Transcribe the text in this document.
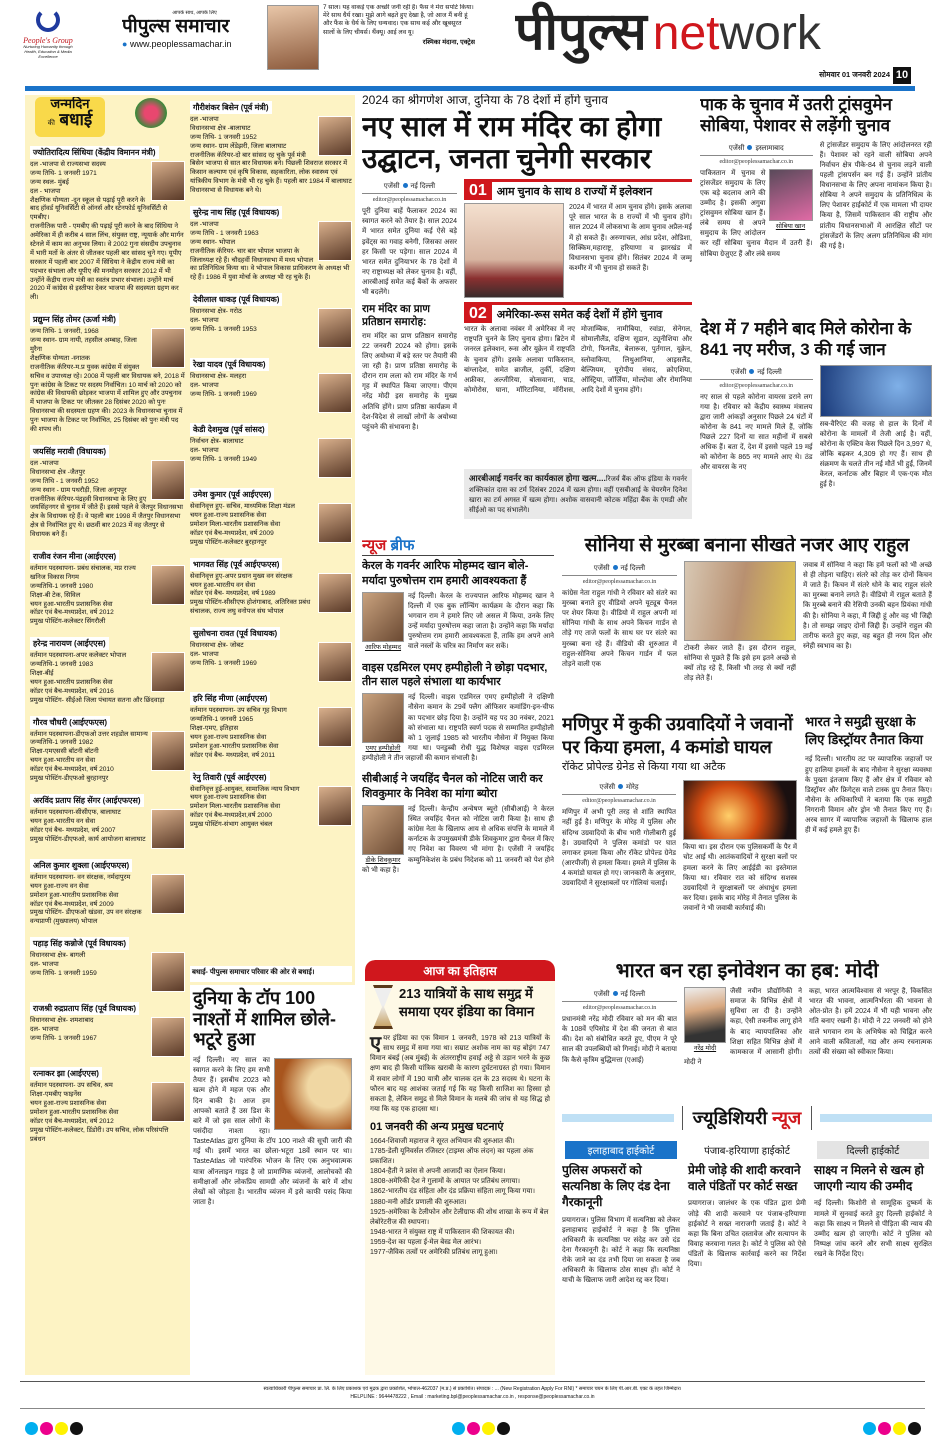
People's Group
Nurturing Humanity through Health, Education & Media Excellence
आपके साथ, आपके लिए
पीपुल्स समाचार
● www.peoplessamachar.in
7 साल। यह वाकई एक अच्छी जर्नी रही है। फैंस ने मेरा सपोर्ट किया। मेरे साथ धैर्य रखा। मुझे आगे बढ़ते हुए देखा है, जो आज मैं बनी हूं और फैंस के धैर्य के लिए धन्यवाद। एक साथ कई और खूबसूरत सालों के लिए चीयर्स। थैंक्यू। आई लव यू।
रश्मिका मंदाना, एक्ट्रेस पीपुल्स network
सोमवार 01 जनवरी 2024 10
जन्मदिन
की बधाई
ज्योतिरादित्य सिंधिया (केंद्रीय विमानन मंत्री)
दल -भाजपा से राज्यसभा सदस्य
जन्म तिथि- 1 जनवरी 1971
जन्म स्थल- मुंबई
दल - भाजपा
शैक्षणिक योग्यता -दून स्कूल से पढ़ाई पूरी करने के बाद हॉवर्ड यूनिवर्सिटी से ऑनर्स और स्टेनफोर्ड यूनिवर्सिटी से एमबीए।
राजनीतिक पारी - एमबीए की पढ़ाई पूरी करने के बाद सिंधिया ने अमेरिका में ही करीब 4 साल लिंच, संयुक्त राष्ट्र, न्यूयार्क और मार्गन स्टेनले में काम का अनुभव लिया। वे 2002 गुना संसदीय उपचुनाव में भारी मतों के अंतर से जीतकर पहली बार सांसद चुने गए। यूपीए सरकार में पहली बार 2007 में सिंधिया ने केंद्रीय राज्य मंत्री का पदभार संभाला और यूपीए की मनमोहन सरकार 2012 में भी उन्होंने केंद्रीय राज्य मंत्री का स्वतंत्र प्रभार संभाला। उन्होंने मार्च 2020 में कांग्रेस से इस्तीफा देकर भाजपा की सदस्यता ग्रहण कर ली।
प्रद्युम्न सिंह तोमर (ऊर्जा मंत्री)
जन्म तिथि- 1 जनवरी, 1968
जन्म स्थान- ग्राम नायी, तहसील अम्बाह, जिला मुरैना
शैक्षणिक योग्यता -स्नातक
राजनीतिक कॅरियर-म.प्र युवक कांग्रेस में संयुक्त सचिव व उपाध्यक्ष रहे। 2008 में पहली बार विधायक बने, 2018 में पुनः कांग्रेस के टिकट पर सदस्य निर्वाचित। 10 मार्च को 2020 को कांग्रेस की विधायकी छोड़कर भाजपा में शामिल हुए और उपचुनाव में भाजपा के टिकट पर जीतकर 28 दिसंबर 2020 को पुनः विधानसभा की सदस्यता ग्रहण की। 2023 के विधानसभा चुनाव में पुनः भाजपा के टिकट पर निर्वाचित, 25 दिसंबर को पुनः मंत्री पद की शपथ ली।
जयसिंह मरावी (विधायक)
दल -भाजपा
विधानसभा क्षेत्र -जैतपुर
जन्म तिथि - 1 जनवरी 1952
जन्म स्थान - ग्राम पथरौड़ी, जिला अनूपपुर
राजनीतिक कॅरियर-पंद्रहवी विधानसभा के लिए हुए जयसिंहनगर से चुनाव में जीते हैं। इससे पहले वे जैतपुर विधानसभा क्षेत्र के विधायक रहे हैं। वे पहली बार 1998 में जैतपुर विधानसभा क्षेत्र से निर्वाचित हुए थे। छठवीं बार 2023 में वह जैतपुर से विधायक बने हैं।
राजीव रंजन मीना (आईएएस)
वर्तमान पदस्थापना- प्रबंध संचालक, मप्र राज्य खनिज विकास निगम
जन्मतिथि-1 जनवरी 1980
शिक्षा-बी टेक, सिविल
चयन हुआ-भारतीय प्रशासनिक सेवा
कॉडर एवं बैच-मध्यप्रदेश, वर्ष 2012
प्रमुख पोस्टिंग-कलेक्टर सिंगरौली
हरेन्द्र नारायण (आईएएस)
वर्तमान पदस्थापना-अपर कलेक्टर भोपाल
जन्मतिथि-1 जनवरी 1983
शिक्षा-बीई
चयन हुआ-भारतीय प्रशासनिक सेवा
कॉडर एवं बैच-मध्यप्रदेश, वर्ष 2016
प्रमुख पोस्टिंग- सीईओ जिला पंचायत सतना और छिंदवाड़ा
गौरव चौधरी (आईएफएस)
वर्तमान पदस्थापना-डीएफओ उत्तर शहडोल सामान्य
जन्मतिथि-1 जनवरी 1982
शिक्षा-एमएससी बॉटनी बॉटनी
चयन हुआ-भारतीय वन सेवा
कॉडर एवं बैच-मध्यप्रदेश, वर्ष 2010
प्रमुख पोस्टिंग-डीएफओ बुरहानपुर
अरविंद प्रताप सिंह सेंगर (आईएफएस)
वर्तमान पदस्थापना-सीसीएफ, बालाघाट
चयन हुआ-भारतीय वन सेवा
कॉडर एवं बैच- मध्यप्रदेश, वर्ष 2007
प्रमुख पोस्टिंग-डीएफओ, कार्य आयोजना बालाघाट
अनिल कुमार शुक्ला (आईएफएस)
वर्तमान पदस्थापना- वन संरक्षक, नर्मदापुरम
चयन हुआ-राज्य वन सेवा
प्रमोशन हुआ-भारतीय प्रशासनिक सेवा
कॉडर एवं बैच-मध्यप्रदेश, वर्ष 2009
प्रमुख पोस्टिंग- डीएफओ खंडवा, उप वन संरक्षक वन्यप्राणी (मुख्यालय) भोपाल
पहाड़ सिंह कन्नोजे (पूर्व विधायक)
विधानसभा क्षेत्र- बागली
दल- भाजपा
जन्म तिथि- 1 जनवरी 1959
राजश्री रुद्रप्रताप सिंह (पूर्व विधायक)
विधानसभा क्षेत्र- शमशाबाद
दल- भाजपा
जन्म तिथि- 1 जनवरी 1967
रत्नाकर झा (आईएएस)
वर्तमान पदस्थापना- उप सचिव, श्रम
शिक्षा-एमबीए फाइनेंस
चयन हुआ-राज्य प्रशासनिक सेवा
प्रमोशन हुआ-भारतीय प्रशासनिक सेवा
कॉडर एवं बैच-मध्यप्रदेश, वर्ष 2012
प्रमुख पोस्टिंग-कलेक्टर, डिंडोरी। उप सचिव, लोक परिसंपत्ति प्रबंधन
गौरीशंकर बिसेन (पूर्व मंत्री)
दल -भाजपा
विधानसभा क्षेत्र -बालाघाट
जन्म तिथि- 1 जनवरी 1952
जन्म स्थान- ग्राम लेंडेझरी, जिला बालाघाट
राजनीतिक कॅरियर-दो बार सांसद रह चुके पूर्व मंत्री बिसेन भाजपा से सात बार विधायक बने। पिछली शिवराज सरकार में किसान कल्याण एवं कृषि विकास, सहकारिता, लोक स्वास्थ्य एवं यांत्रिकीय विभाग के मंत्री भी रह चुके हैं। पहली बार 1984 में बालाघाट विधानसभा से विधायक बने थे।
सुरेन्द्र नाथ सिंह (पूर्व विधायक)
दल -भाजपा
जन्म तिथि - 1 जनवरी 1963
जन्म स्थान- भोपाल
राजनीतिक कॅरियर- चार बार भोपाल भाजपा के जिलाध्यक्ष रहे हैं। चौदहवीं विधानसभा में मध्य भोपाल का प्रतिनिधित्व किया था। वे भोपाल विकास प्राधिकरण के अध्यक्ष भी रहे हैं। 1986 में युवा मोर्चा के अध्यक्ष भी रह चुके हैं।
देवीलाल धाकड़ (पूर्व विधायक)
विधानसभा क्षेत्र- गरोठ
दल- भाजपा
जन्म तिथि- 1 जनवरी 1953
रेखा यादव (पूर्व विधायक)
विधानसभा क्षेत्र- मलहरा
दल- भाजपा
जन्म तिथि- 1 जनवरी 1969
केडी देशमुख (पूर्व सांसद)
निर्वाचन क्षेत्र- बालाघाट
दल- भाजपा
जन्म तिथि- 1 जनवरी 1949
उमेश कुमार (पूर्व आईएएस)
सेवानिवृत्त हुए- सचिव, माध्यमिक शिक्षा मंडल
चयन हुआ-राज्य प्रशासनिक सेवा
प्रमोशन मिला-भारतीय प्रशासनिक सेवा
कॉडर एवं बैच-मध्यप्रदेश, वर्ष 2009
प्रमुख पोस्टिंग-कलेक्टर बुरहानपुर
भागवत सिंह (पूर्व आईएफएस)
सेवानिवृत्त हुए-अपर प्रधान मुख्य वन संरक्षक
चयन हुआ-भारतीय वन सेवा
कॉडर एवं बैच- मध्यप्रदेश, वर्ष 1989
प्रमुख पोस्टिंग-सीसीएफ होशंगाबाद, अतिरिक्त प्रबंध संचालक, राज्य लघु वनोपज संघ भोपाल
सुलोचना रावत (पूर्व विधायक)
विधानसभा क्षेत्र- जोबट
दल- भाजपा
जन्म तिथि- 1 जनवरी 1969
हरि सिंह मीणा (आईएएस)
वर्तमान पदस्थापना- उप सचिव गृह विभाग
जन्मतिथि-1 जनवरी 1965
शिक्षा-एमए, इतिहास
चयन हुआ-राज्य प्रशासनिक सेवा
प्रमोशन हुआ-भारतीय प्रशासनिक सेवा
कॉडर एवं बैच- मध्यप्रदेश, वर्ष 2011
रेनु तिवारी (पूर्व आईएएस)
सेवानिवृत्त हुई-आयुक्त, सामाजिक न्याय विभाग
चयन हुआ-राज्य प्रशासनिक सेवा
प्रमोशन मिला-भारतीय प्रशासनिक सेवा
कॉडर एवं बैच-मध्यप्रदेश,वर्ष 2000
प्रमुख पोस्टिंग-संभाग आयुक्त चंबल
बधाई- पीपुल्स समाचार परिवार की ओर से बधाई।
दुनिया के टॉप 100 नाश्तों में शामिल छोले-भटूरे हुआ
नई दिल्ली। नए साल का स्वागत करने के लिए हम सभी तैयार हैं। इसबीच 2023 को खत्म होने में महज एक और दिन बाकी है। आज हम आपको बताते हैं उस डिश के बारे में जो इस साल लोगों के पसंदीदा नाश्ता रहा। TasteAtlas द्वारा दुनिया के टॉप 100 नाश्ते की सूची जारी की गई थी। इसमें भारत का छोला-भटूरा 18वें स्थान पर था। TasteAtlas जो पारंपरिक भोजन के लिए एक अनुभवात्मक यात्रा ऑनलाइन गाइड है जो प्रामाणिक व्यंजनों, आलोचकों की समीक्षाओं और लोकप्रिय सामग्री और व्यंजनों के बारे में शोध लेखों को जोड़ता है। भारतीय व्यंजन में इसे काफी पसंद किया जाता है।
2024 का श्रीगणेश आज, दुनिया के 78 देशों में होंगे चुनाव
नए साल में राम मंदिर का होगा उद्घाटन, जनता चुनेगी सरकार
एजेंसी नई दिल्ली
editor@peoplessamachar.co.in
पूरी दुनिया बाहें फैलाकर 2024 का स्वागत करने को तैयार है। साल 2024 में भारत समेत दुनिया कई ऐसे बड़े इवेंट्स का गवाह बनेगी, जिसका असर हर किसी पर पड़ेगा। साल 2024 में भारत समेत दुनियाभर के 78 देशों में नए राष्ट्राध्यक्ष को लेकर चुनाव है। वहीं, आरबीआई समेत कई बैंकों के अफसर भी बदलेंगे।
राम मंदिर का प्राण प्रतिष्ठान समारोह:
राम मंदिर का प्राण प्रतिष्ठान समारोह 22 जनवरी 2024 को होगा। इसके लिए अयोध्या में बड़े स्तर पर तैयारी की जा रही है। प्राण प्रतिष्ठा समारोह के दौरान राम लला को राम मंदिर के गर्भ गृह में स्थापित किया जाएगा। पीएम नरेंद्र मोदी इस समारोह के मुख्य अतिथि होंगे। प्राण प्रतिष्ठा कार्यक्रम में देश-विदेश से लाखों लोगों के अयोध्या पहुंचने की संभावना है।
01 आम चुनाव के साथ 8 राज्यों में इलेक्शन
2024 में भारत में आम चुनाव होंगे। इसके अलावा पूरे साल भारत के 8 राज्यों में भी चुनाव होंगे। साल 2024 में लोकसभा के आम चुनाव अप्रैल-मई में हो सकते हैं। अरुणाचल, आंध्र प्रदेश, ओडिशा, सिक्किम,महाराष्ट्र, हरियाणा व झारखंड में विधानसभा चुनाव होंगे। सितंबर 2024 में जम्मू कश्मीर में भी चुनाव हो सकते हैं।
02 अमेरिका-रूस समेत कई देशों में होंगे चुनाव
भारत के अलावा नवंबर में अमेरिका में नए राष्ट्रपति चुनने के लिए चुनाव होगा। ब्रिटेन में जनरल इलेक्शन, रूस और यूक्रेन में राष्ट्रपति के चुनाव होंगे। इसके अलावा पाकिस्तान, बांग्लादेश, समेत ब्राजील, तुर्की, दक्षिण अफ्रीका, अल्जीरिया, बोत्सवाना, चाड, कोमोरोस, घाना, मॉरिटानिया, मॉरीशस, मोजाम्बिक, नामीबिया, रवांडा, सेनेगल, सोमालीलैंड, दक्षिण सूडान, ट्यूनीशिया और टोगो, फिनलैंड, बेलारूस, पुर्तगाल, यूक्रेन, स्लोवाकिया, लिथुआनिया, आइसलैंड, बेल्जियम, यूरोपीय संसद, क्रोएशिया, ऑस्ट्रिया, जॉर्जिया, मोल्दोवा और रोमानिया आदि देशों में चुनाव होंगे।
आरबीआई गवर्नर का कार्यकाल होगा खत्म....रिजर्व बैंक ऑफ इंडिया के गवर्नर शक्तिकांत दास का टर्म दिसंबर 2024 में खत्म होगा। वहीं एसबीआई के चेयरमैन दिनेश खारा का टर्म अगस्त में खत्म होगा। अशोक वासवानी कोटक महिंद्रा बैंक के एमडी और सीईओ का पद संभालेंगे।
पाक के चुनाव में उतरी ट्रांसवुमेन सोबिया, पेशावर से लड़ेंगी चुनाव
एजेंसी इस्लामाबाद
editor@peoplessamachar.co.in
सोबिया खान
पाकिस्तान में चुनाव से ट्रांसजेंडर समुदाय के लिए एक बड़े बदलाव आने की उम्मीद है। इसकी अगुवा ट्रांसवुमन सोबिया खान हैं। लंबे समय से अपने समुदाय के लिए आंदोलन कर रहीं सोबिया चुनाव मैदान में उतरी हैं। सोबिया ग्रेजुएट हैं और लंबे समय
से ट्रांसजेंडर समुदाय के लिए आंदोलनरत रही हैं। पेशावर को रहने वाली सोबिया अपने निर्वाचन क्षेत्र पीके-84 से चुनाव लड़ने वाली पहली ट्रांसपर्सन बन गई हैं। उन्होंने प्रांतीय विधानसभा के लिए अपना नामांकन किया है। सोबिया ने अपने समुदाय के प्रतिनिधित्व के लिए पेशावर हाईकोर्ट में एक मामला भी दायर किया है, जिसमें पाकिस्तान की राष्ट्रीय और प्रांतीय विधानसभाओं में आरक्षित सीटों पर ट्रांसजेंडरों के लिए अलग प्रतिनिधित्व की मांग की गई है।
देश में 7 महीने बाद मिले कोरोना के 841 नए मरीज, 3 की गई जान
एजेंसी नई दिल्ली
editor@peoplessamachar.co.in
नए साल से पहले कोरोना वायरस डराने लग गया है। रविवार को केंद्रीय स्वास्थ्य मंत्रालय द्वारा जारी आंकड़ों अनुसार पिछले 24 घंटों में कोरोना के 841 नए मामले मिले हैं, जोकि पिछले 227 दिनों या सात महीनों में सबसे अधिक हैं। बता दें, देश में इससे पहले 19 मई को कोरोना के 865 नए मामले आए थे। ठंड और वायरस के नए
सब-वैरिएंट की वजह से हाल के दिनों में कोरोना के मामलों में तेजी आई है। वहीं, कोरोना के एक्टिव केस पिछले दिन 3,997 थे, जोकि बढ़कर 4,309 हो गए हैं। साथ ही संक्रमण के चलते तीन नई मौतें भी हुईं, जिनमें केरल, कर्नाटक और बिहार में एक-एक मौत हुई है।
न्यूज ब्रीफ
केरल के गवर्नर आरिफ मोहम्मद खान बोले- मर्यादा पुरुषोत्तम राम हमारी आवश्यकता हैं
आरिफ मोहम्मद
नई दिल्ली। केरल के राज्यपाल आरिफ मोहम्मद खान ने दिल्ली में एक बुक लॉन्चिंग कार्यक्रम के दौरान कहा कि भगवान राम ने हमारे लिए जो असल में किया, उनके लिए उन्हें मर्यादा पुरुषोत्तम कहा जाता है। उन्होंने कहा कि मर्यादा पुरुषोत्तम राम हमारी आवश्यकता हैं, ताकि हम अपने आने वाले नस्लों के चरित्र का निर्माण कर सकें।
वाइस एडमिरल एमए हम्पीहोली ने छोड़ा पदभार, तीन साल पहले संभाला था कार्यभार
एमए हम्पीहोली
नई दिल्ली। वाइस एडमिरल एमए हम्पीहोली ने दक्षिणी नौसेना कमान के 29वें फ्लैग ऑफिसर कमांडिंग-इन-चीफ का पदभार छोड़ दिया है। उन्होंने यह पद 30 नवंबर, 2021 को संभाला था। राष्ट्रपति स्वर्ण पदक से सम्मानित हम्पीहोली को 1 जुलाई 1985 को भारतीय नौसेना में नियुक्त किया गया था। पनडुब्बी रोधी युद्ध विशेषज्ञ वाइस एडमिरल हम्पीहोली ने तीन जहाजों की कमान संभाली है।
सीबीआई ने जयहिंद चैनल को नोटिस जारी कर शिवकुमार के निवेश का मांगा ब्योरा
डीके शिवकुमार
नई दिल्ली। केन्द्रीय अन्वेषण ब्यूरो (सीबीआई) ने केरल स्थित जयहिंद चैनल को नोटिस जारी किया है। साथ ही कांग्रेस नेता के खिलाफ आय से अधिक संपत्ति के मामले में कर्नाटक के उपमुख्यमंत्री डीके शिवकुमार द्वारा चैनल में किए गए निवेश का विवरण भी मांगा है। एजेंसी ने जयहिंद कम्युनिकेशंस के प्रबंध निदेशक को 11 जनवरी को पेश होने को भी कहा है।
सोनिया से मुरब्बा बनाना सीखते नजर आए राहुल
एजेंसी नई दिल्ली
editor@peoplessamachar.co.in
कांग्रेस नेता राहुल गांधी ने रविवार को संतरे का मुरब्बा बनाते हुए वीडियो अपने यूट्यूब चैनल पर शेयर किया है। वीडियो में राहुल अपनी मां सोनिया गांधी के साथ अपने किचन गार्डन से तोड़े गए ताजे फलों के साथ घर पर संतरे का मुरब्बा बना रहे हैं। वीडियो की शुरुआत में राहुल-सोनिया अपने किचन गार्डन में फल तोड़ने वाली एक
टोकरी लेकर जाते हैं। इस दौरान राहुल, सोनिया से पूछते हैं कि इसे हम इतने अच्छे से क्यों तोड़ रहे हैं, किसी भी तरह से क्यों नहीं तोड़ लेते हैं।
जवाब में सोनिया ने कहा कि हमें फलों को भी अच्छे से ही तोड़ना चाहिए। संतरे को तोड़ कर दोनों किचन में जाते हैं। किचन में संतरे धोने के बाद राहुल संतरे का मुरब्बा बनाने लगते हैं। वीडियो में राहुल बताते हैं कि मुरब्बे बनाने की रेसिपी उनकी बहन प्रियंका गांधी की है। सोनिया ने कहा, मैं जिद्दी हूं और वह भी जिद्दी है। तो समझ जाइए दोनों जिद्दी हैं। उन्होंने राहुल की तारीफ करते हुए कहा, वह बहुत ही नरम दिल और स्नेही स्वभाव का है।
मणिपुर में कुकी उग्रवादियों ने जवानों पर किया हमला, 4 कमांडो घायल
रॉकेट प्रोपेल्ड ग्रेनेड से किया गया था अटैक
एजेंसी मोरेह
editor@peoplessamachar.co.in
मणिपुर में अभी पूरी तरह से शांति स्थापित नहीं हुई है। मणिपुर के मोरेह में पुलिस और संदिग्ध उग्रवादियों के बीच भारी गोलीबारी हुई है। उग्रवादियों ने पुलिस कमांडो पर घात लगाकर हमला किया और रॉकेट प्रोपेल्ड ग्रेनेड (आरपीजी) से हमला किया। हमले में पुलिस के 4 कमांडो घायल हो गए। जानकारी के अनुसार, उग्रवादियों ने सुरक्षाबलों पर गोलियां चलाईं।
किया था। इस दौरान एक पुलिसकर्मी के पैर में चोट आई थी। आतंकवादियों ने सुरक्षा बलों पर हमला करने के लिए आईईडी का इस्तेमाल किया था। रविवार रात को संदिग्ध सशस्त्र उग्रवादियों ने सुरक्षाबलों पर अंधाधुंध हमला कर दिया। इसके बाद मोरेह में तैनात पुलिस के जवानों ने भी जवाबी कार्रवाई की।
भारत ने समुद्री सुरक्षा के लिए डिस्ट्रॉयर तैनात किया
नई दिल्ली। भारतीय तट पर व्यापारिक जहाजों पर हुए हालिया हमलों के बाद नौसेना ने सुरक्षा व्यवस्था के पुख्ता इंतजाम किए हैं और क्षेत्र में रविवार को डिस्ट्रॉयर और फ्रिगेट्स वाले टास्क ग्रुप तैनात किए। नौसेना के अधिकारियों ने बताया कि एक समुद्री निगरानी विमान और ड्रोन भी तैनात किए गए हैं। अरब सागर में व्यापारिक जहाजों के खिलाफ हाल ही में कई हमले हुए हैं।
आज का इतिहास
213 यात्रियों के साथ समुद्र में समाया एयर इंडिया का विमान
एयर इंडिया का एक विमान 1 जनवरी, 1978 को 213 यात्रियों के साथ समुद्र में समा गया था। सम्राट अशोक नाम का यह बोइंग 747 विमान बंबई (अब मुंबई) के अंतरराष्ट्रीय हवाई अड्डे से उड़ान भरने के कुछ क्षण बाद ही किसी यांत्रिक खराबी के कारण दुर्घटनाग्रस्त हो गया। विमान में सवार लोगों में 190 यात्री और चालक दल के 23 सदस्य थे। घटना के फौरन बाद यह आशंका जताई गई कि यह किसी साजिश का हिस्सा हो सकता है, लेकिन समुद्र से मिले विमान के मलबे की जांच से यह सिद्ध हो गया कि यह एक हादसा था।
01 जनवरी की अन्य प्रमुख घटनाएं
1664-शिवाजी महाराज ने सूरत अभियान की शुरुआत की।
1785-डेली यूनिवर्सल रजिस्टर (टाइम्स ऑफ लंदन) का पहला अंक प्रकाशित।
1804-हैती ने फ्रांस से अपनी आजादी का ऐलान किया।
1808-अमेरिकी देश ने गुलामों के आयात पर प्रतिबंध लगाया।
1862-भारतीय दंड संहिता और दंड प्रक्रिया संहिता लागू किया गया।
1880-मनी ऑर्डर प्रणाली की शुरुआत।
1925-अमेरिका के टेलीफोन और टेलीग्राफ की शोध शाखा के रूप में बेल लेबोरेटरीज की स्थापना।
1948-भारत ने संयुक्त राष्ट्र में पाकिस्तान की शिकायत की।
1959-देश का पहला ई-मेल बेस्ड मेल आरंभ।
1977-जैविक तत्वों पर अमेरिकी प्रतिबंध लागू हुआ।
भारत बन रहा इनोवेशन का हब: मोदी
एजेंसी नई दिल्ली
editor@peoplessamachar.co.in
प्रधानमंत्री नरेंद्र मोदी रविवार को मन की बात के 108वें एपिसोड में देश की जनता से बात की। देश को संबोधित करते हुए, पीएम ने पूरे साल की उपलब्धियों को गिनाई। मोदी ने बताया कि कैसे कृत्रिम बुद्धिमत्ता (एआई)
नरेंद्र मोदी
जैसी नवीन प्रौद्योगिकी ने समाज के विभिन्न क्षेत्रों में सुविधा ला दी है। उन्होंने कहा, ऐसी तकनीक लागू होने के बाद न्यायपालिका और शिक्षा सहित विभिन्न क्षेत्रों में कामकाज में आसानी होगी। मोदी ने
कहा, भारत आत्मविश्वास से भरपूर है, विकसित भारत की भावना, आत्मनिर्भरता की भावना से ओत-प्रोत है। हमें 2024 में भी यही भावना और गति बनाए रखनी है। मोदी ने 22 जनवरी को होने वाले भगवान राम के अभिषेक को चिह्नित करने आने वाली कविताओं, गद्य और अन्य रचनात्मक तत्वों की संख्या को स्वीकार किया।
ज्यूडिशियरी न्यूज
इलाहाबाद हाईकोर्ट
पुलिस अफसरों को सत्यनिष्ठा के लिए दंड देना गैरकानूनी
प्रयागराज। पुलिस विभाग में सत्यनिष्ठा को लेकर इलाहाबाद हाईकोर्ट ने कहा है कि पुलिस अधिकारी के सत्यनिष्ठा पर संदेह कर उसे दंड देना गैरकानूनी है। कोर्ट ने कहा कि सत्यनिष्ठा रोके जाने का दंड तभी दिया जा सकता है जब अधिकारी के खिलाफ ठोस साक्ष्य हों। कोर्ट ने याची के खिलाफ जारी आदेश रद्द कर दिया।
पंजाब-हरियाणा हाईकोर्ट
प्रेमी जोड़े की शादी करवाने वाले पंडितों पर कोर्ट सख्त
प्रयागराज। जालंधर के एक पंडित द्वारा प्रेमी जोड़े की शादी करवाने पर पंजाब-हरियाणा हाईकोर्ट ने सख्त नाराजगी जताई है। कोर्ट ने कहा कि बिना उचित दस्तावेज और सत्यापन के विवाह करवाना गलत है। कोर्ट ने पुलिस को ऐसे पंडितों के खिलाफ कार्रवाई करने का निर्देश दिया।
दिल्ली हाईकोर्ट
साक्ष्य न मिलने से खत्म हो जाएगी न्याय की उम्मीद
नई दिल्ली। किशोरी से सामूहिक दुष्कर्म के मामले में सुनवाई करते हुए दिल्ली हाईकोर्ट ने कहा कि साक्ष्य न मिलने से पीड़िता की न्याय की उम्मीद खत्म हो जाएगी। कोर्ट ने पुलिस को निष्पक्ष जांच करने और सभी साक्ष्य सुरक्षित रखने के निर्देश दिए।
स्वत्वाधिकारी पीपुल्स समाचार प्रा. लि. के लिए प्रकाशक एवं मुद्रक द्वारा प्रकाशित, भोपाल-462037 (म.प्र.) से प्रकाशित। संपादक : ... (New Registration Apply For RNI) * समाचार चयन के लिए पी.आर.बी. एक्ट के तहत जिम्मेदार।
HELPLINE : 9644478222 , Email : marketing.bpl@peoplessamachar.co.in , response@peoplessamachar.co.in
